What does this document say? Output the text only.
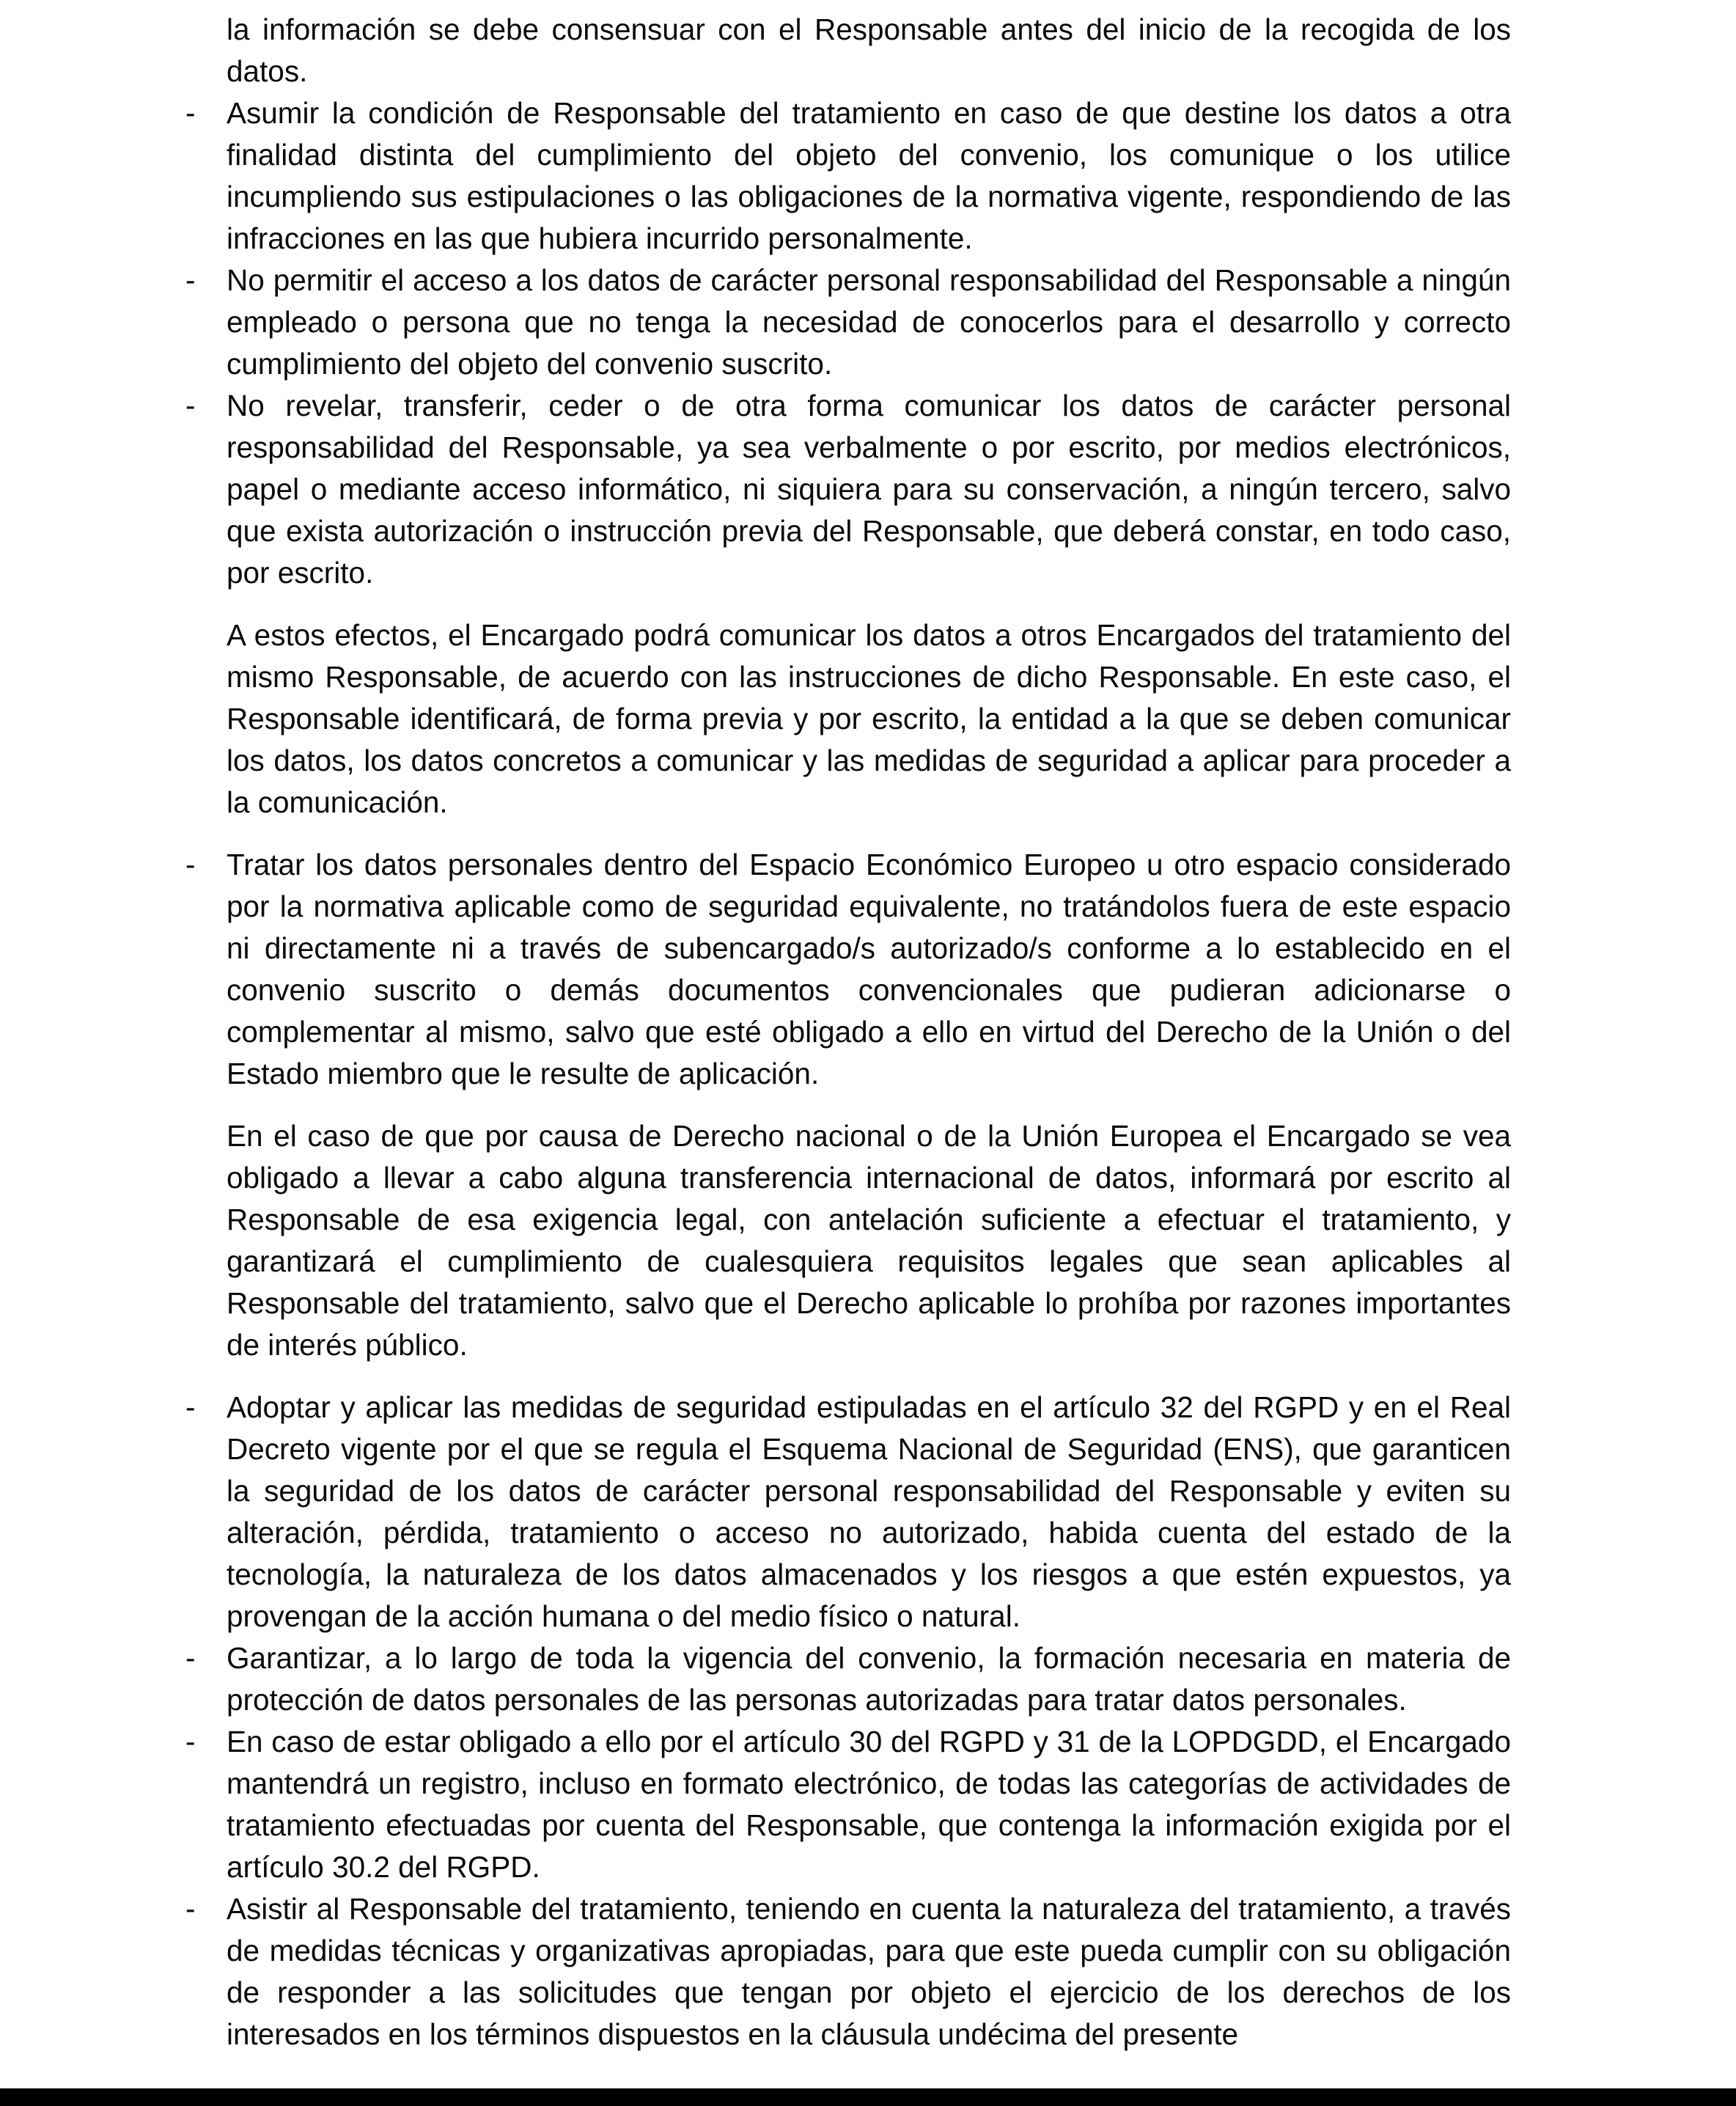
la información se debe consensuar con el Responsable antes del inicio de la recogida de los datos.
-	Asumir la condición de Responsable del tratamiento en caso de que destine los datos a otra finalidad distinta del cumplimiento del objeto del convenio, los comunique o los utilice incumpliendo sus estipulaciones o las obligaciones de la normativa vigente, respondiendo de las infracciones en las que hubiera incurrido personalmente.
-	No permitir el acceso a los datos de carácter personal responsabilidad del Responsable a ningún empleado o persona que no tenga la necesidad de conocerlos para el desarrollo y correcto cumplimiento del objeto del convenio suscrito.
-	No revelar, transferir, ceder o de otra forma comunicar los datos de carácter personal responsabilidad del Responsable, ya sea verbalmente o por escrito, por medios electrónicos, papel o mediante acceso informático, ni siquiera para su conservación, a ningún tercero, salvo que exista autorización o instrucción previa del Responsable, que deberá constar, en todo caso, por escrito.
A estos efectos, el Encargado podrá comunicar los datos a otros Encargados del tratamiento del mismo Responsable, de acuerdo con las instrucciones de dicho Responsable. En este caso, el Responsable identificará, de forma previa y por escrito, la entidad a la que se deben comunicar los datos, los datos concretos a comunicar y las medidas de seguridad a aplicar para proceder a la comunicación.
-	Tratar los datos personales dentro del Espacio Económico Europeo u otro espacio considerado por la normativa aplicable como de seguridad equivalente, no tratándolos fuera de este espacio ni directamente ni a través de subencargado/s autorizado/s conforme a lo establecido en el convenio suscrito o demás documentos convencionales que pudieran adicionarse o complementar al mismo, salvo que esté obligado a ello en virtud del Derecho de la Unión o del Estado miembro que le resulte de aplicación.
En el caso de que por causa de Derecho nacional o de la Unión Europea el Encargado se vea obligado a llevar a cabo alguna transferencia internacional de datos, informará por escrito al Responsable de esa exigencia legal, con antelación suficiente a efectuar el tratamiento, y garantizará el cumplimiento de cualesquiera requisitos legales que sean aplicables al Responsable del tratamiento, salvo que el Derecho aplicable lo prohíba por razones importantes de interés público.
-	Adoptar y aplicar las medidas de seguridad estipuladas en el artículo 32 del RGPD y en el Real Decreto vigente por el que se regula el Esquema Nacional de Seguridad (ENS), que garanticen la seguridad de los datos de carácter personal responsabilidad del Responsable y eviten su alteración, pérdida, tratamiento o acceso no autorizado, habida cuenta del estado de la tecnología, la naturaleza de los datos almacenados y los riesgos a que estén expuestos, ya provengan de la acción humana o del medio físico o natural.
-	Garantizar, a lo largo de toda la vigencia del convenio, la formación necesaria en materia de protección de datos personales de las personas autorizadas para tratar datos personales.
-	En caso de estar obligado a ello por el artículo 30 del RGPD y 31 de la LOPDGDD, el Encargado mantendrá un registro, incluso en formato electrónico, de todas las categorías de actividades de tratamiento efectuadas por cuenta del Responsable, que contenga la información exigida por el artículo 30.2 del RGPD.
-	Asistir al Responsable del tratamiento, teniendo en cuenta la naturaleza del tratamiento, a través de medidas técnicas y organizativas apropiadas, para que este pueda cumplir con su obligación de responder a las solicitudes que tengan por objeto el ejercicio de los derechos de los interesados en los términos dispuestos en la cláusula undécima del presente
